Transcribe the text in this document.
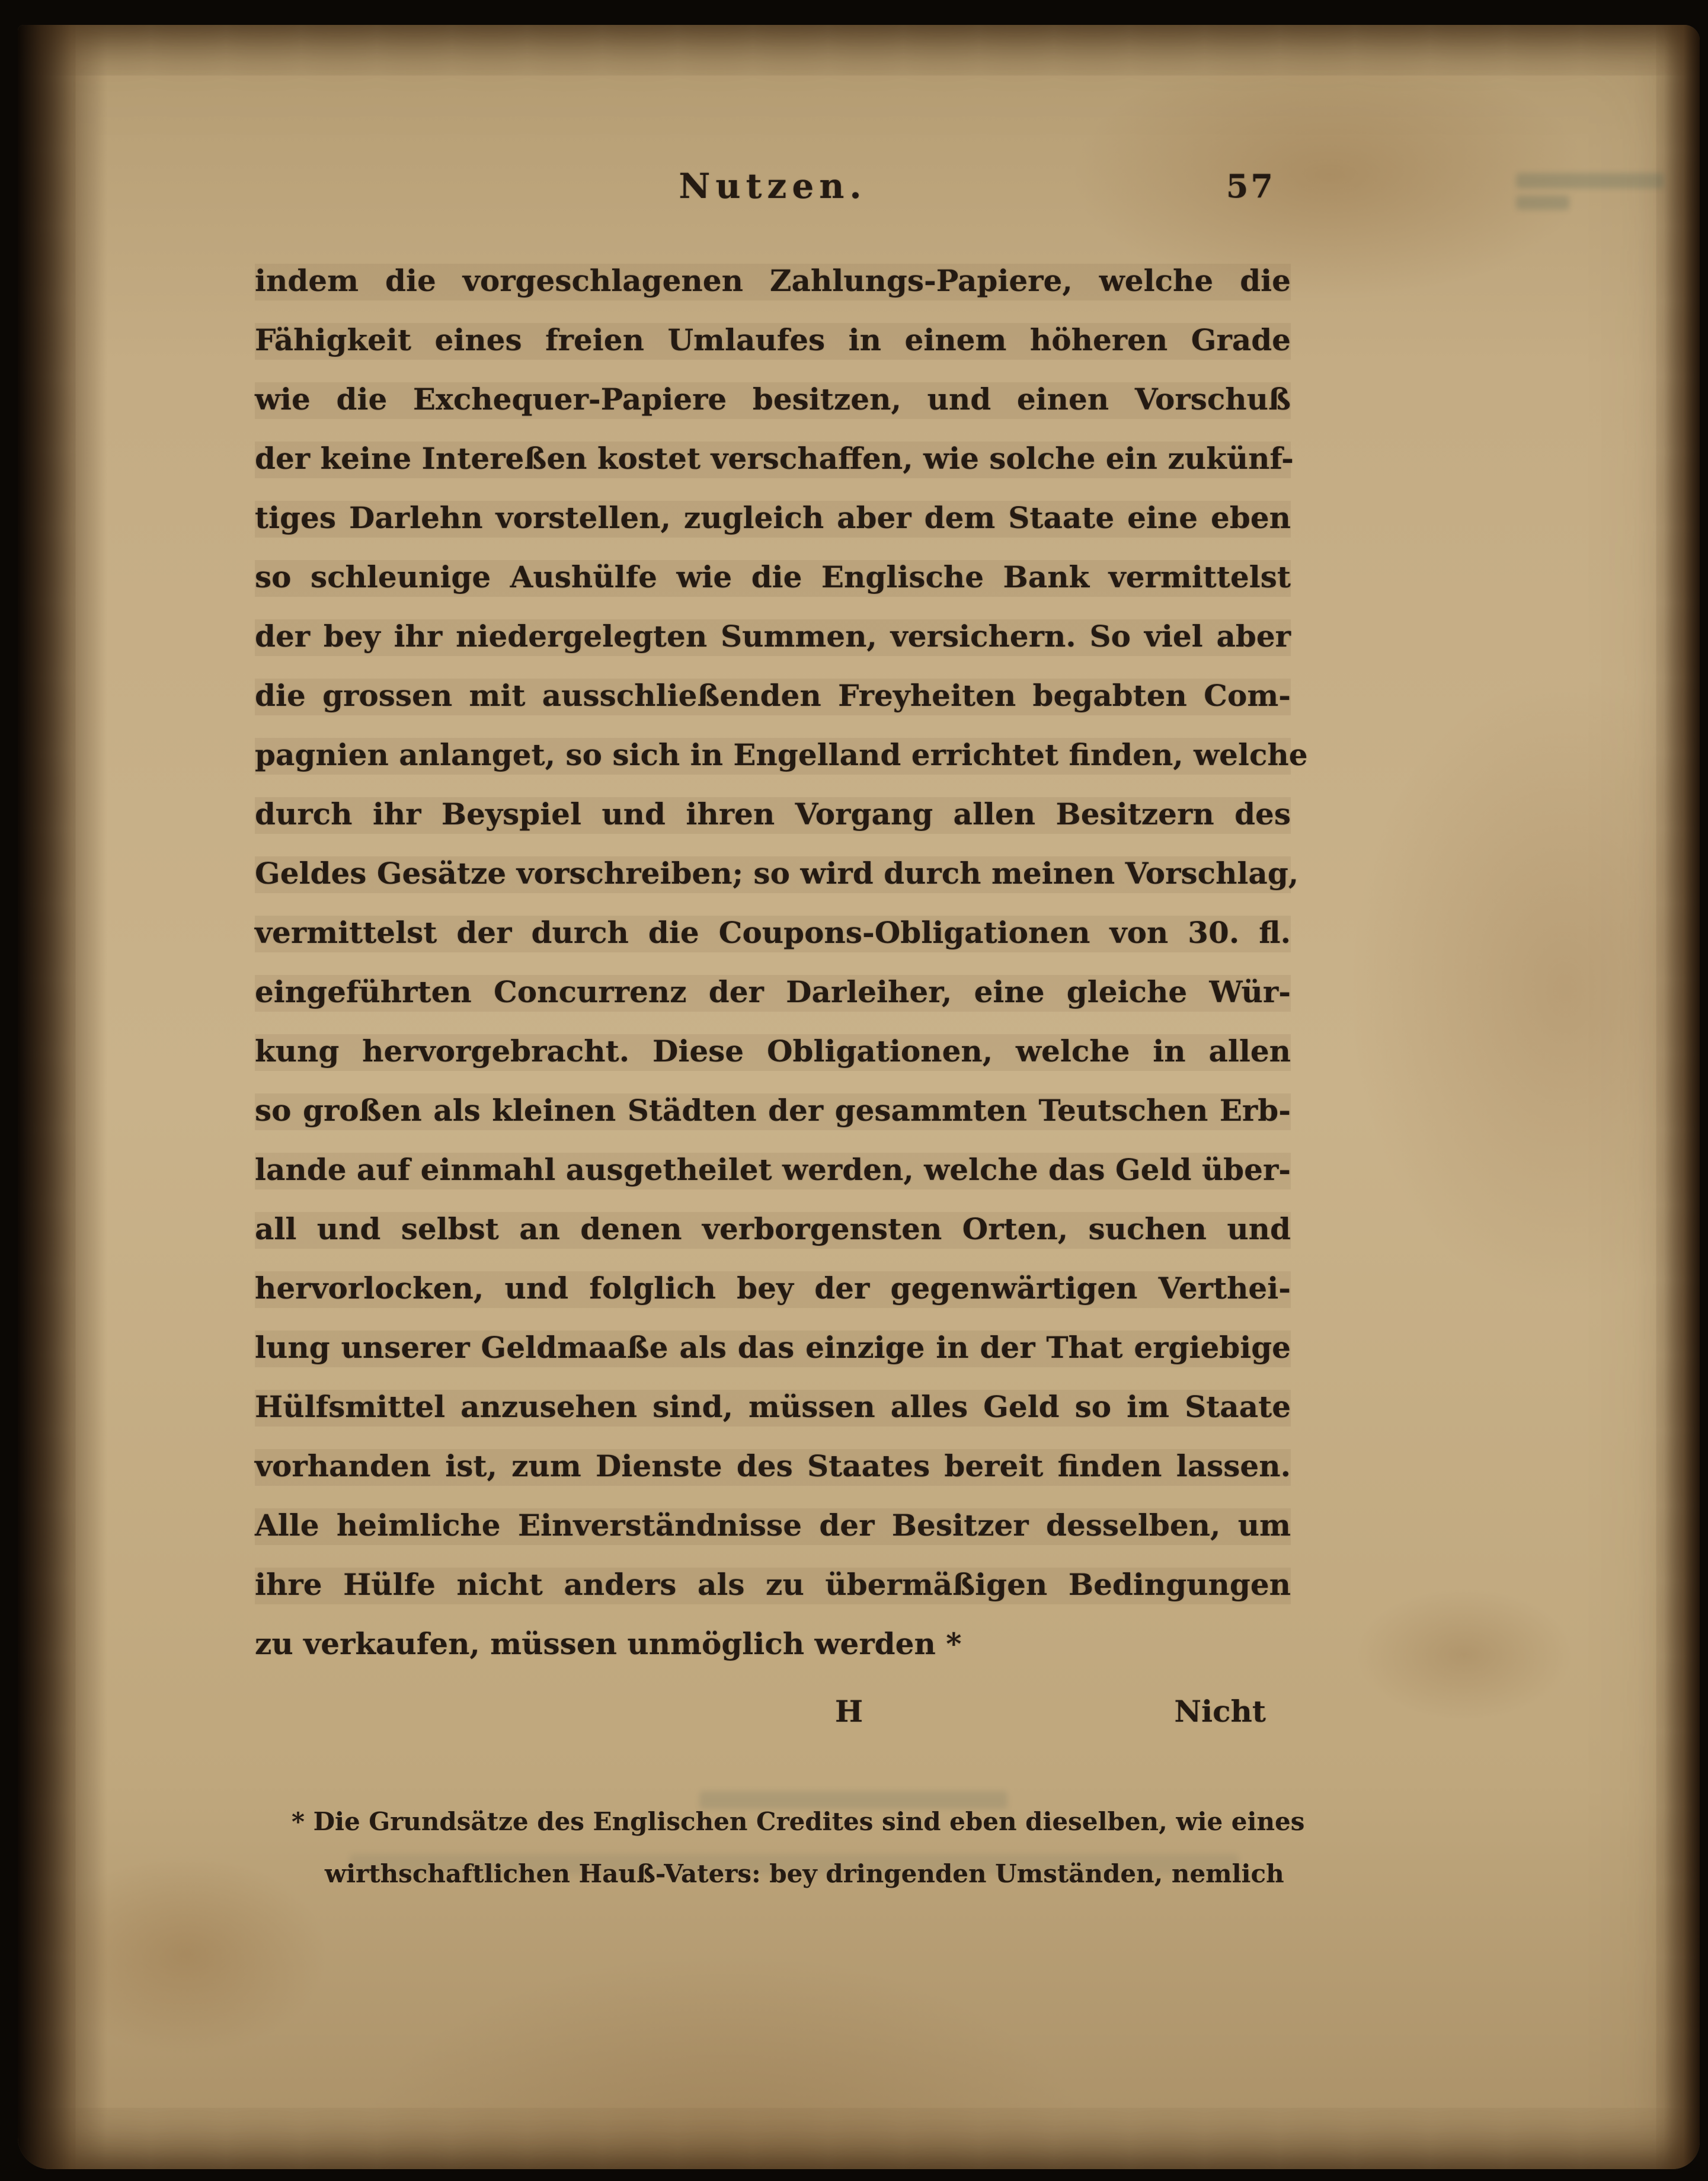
Nutzen.	57
indem die vorgeschlagenen Zahlungs-Papiere, welche die
Fähigkeit eines freien Umlaufes in einem höheren Grade
wie die Exchequer-Papiere besitzen, und einen Vorschuß
der keine Intereßen kostet verschaffen, wie solche ein zukünf-
tiges Darlehn vorstellen, zugleich aber dem Staate eine eben
so schleunige Aushülfe wie die Englische Bank vermittelst
der bey ihr niedergelegten Summen, versichern. So viel aber
die grossen mit ausschließenden Freyheiten begabten Com-
pagnien anlanget, so sich in Engelland errichtet finden, welche
durch ihr Beyspiel und ihren Vorgang allen Besitzern des
Geldes Gesätze vorschreiben; so wird durch meinen Vorschlag,
vermittelst der durch die Coupons-Obligationen von 30. fl.
eingeführten Concurrenz der Darleiher, eine gleiche Wür-
kung hervorgebracht. Diese Obligationen, welche in allen
so großen als kleinen Städten der gesammten Teutschen Erb-
lande auf einmahl ausgetheilet werden, welche das Geld über-
all und selbst an denen verborgensten Orten, suchen und
hervorlocken, und folglich bey der gegenwärtigen Verthei-
lung unserer Geldmaaße als das einzige in der That ergiebige
Hülfsmittel anzusehen sind, müssen alles Geld so im Staate
vorhanden ist, zum Dienste des Staates bereit finden lassen.
Alle heimliche Einverständnisse der Besitzer desselben, um
ihre Hülfe nicht anders als zu übermäßigen Bedingungen
zu verkaufen, müssen unmöglich werden *
H	Nicht
* Die Grundsätze des Englischen Credites sind eben dieselben, wie eines
wirthschaftlichen Hauß-Vaters: bey dringenden Umständen, nemlich
